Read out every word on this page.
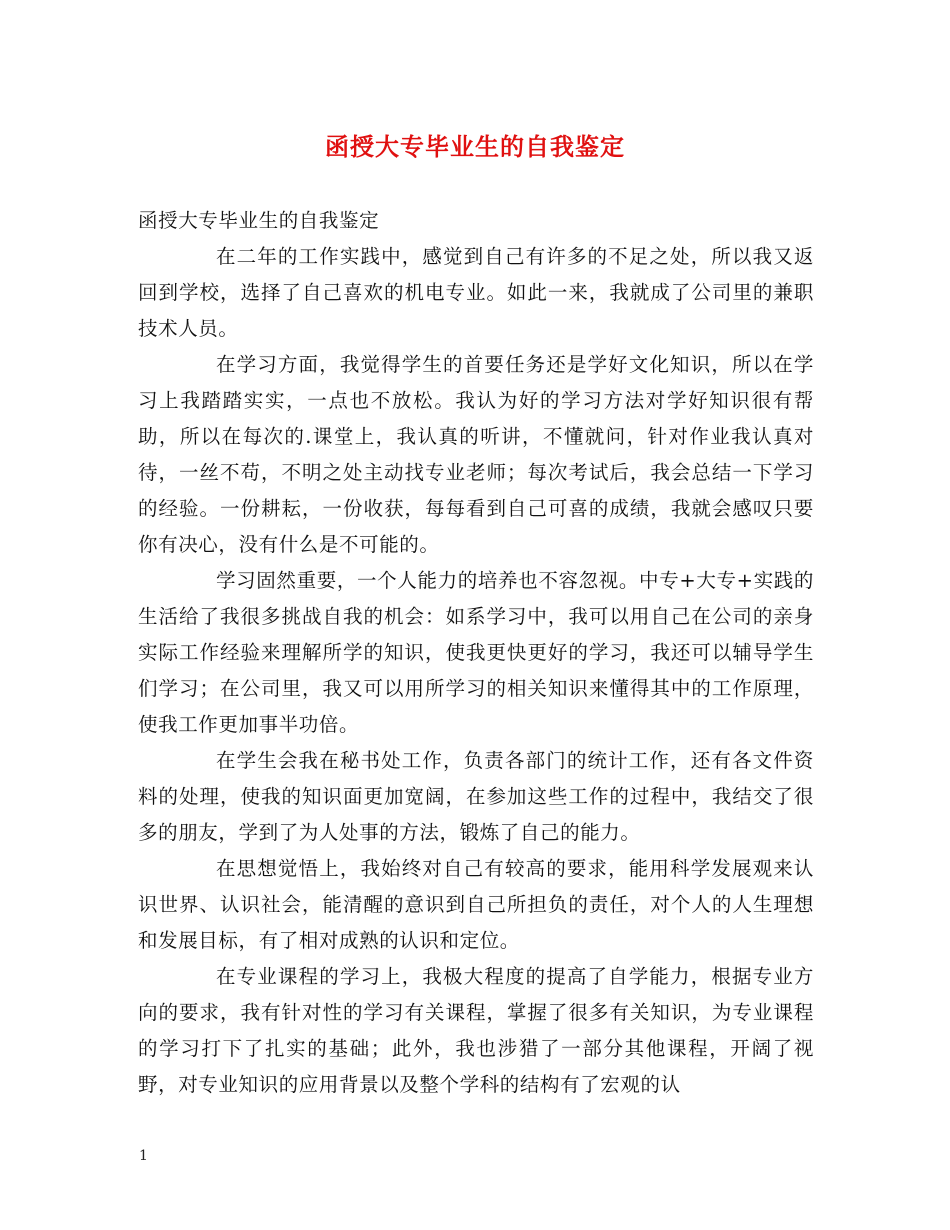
函授大专毕业生的自我鉴定

函授大专毕业生的自我鉴定

在二年的工作实践中，感觉到自己有许多的不足之处，所以我又返回到学校，选择了自己喜欢的机电专业。如此一来，我就成了公司里的兼职技术人员。

在学习方面，我觉得学生的首要任务还是学好文化知识，所以在学习上我踏踏实实，一点也不放松。我认为好的学习方法对学好知识很有帮助，所以在每次的.课堂上，我认真的听讲，不懂就问，针对作业我认真对待，一丝不苟，不明之处主动找专业老师；每次考试后，我会总结一下学习的经验。一份耕耘，一份收获，每每看到自己可喜的成绩，我就会感叹只要你有决心，没有什么是不可能的。

学习固然重要，一个人能力的培养也不容忽视。中专+大专+实践的生活给了我很多挑战自我的机会：如系学习中，我可以用自己在公司的亲身实际工作经验来理解所学的知识，使我更快更好的学习，我还可以辅导学生们学习；在公司里，我又可以用所学习的相关知识来懂得其中的工作原理，使我工作更加事半功倍。

在学生会我在秘书处工作，负责各部门的统计工作，还有各文件资料的处理，使我的知识面更加宽阔，在参加这些工作的过程中，我结交了很多的朋友，学到了为人处事的方法，锻炼了自己的能力。

在思想觉悟上，我始终对自己有较高的要求，能用科学发展观来认识世界、认识社会，能清醒的意识到自己所担负的责任，对个人的人生理想和发展目标，有了相对成熟的认识和定位。

在专业课程的学习上，我极大程度的提高了自学能力，根据专业方向的要求，我有针对性的学习有关课程，掌握了很多有关知识，为专业课程的学习打下了扎实的基础；此外，我也涉猎了一部分其他课程，开阔了视野，对专业知识的应用背景以及整个学科的结构有了宏观的认

1
